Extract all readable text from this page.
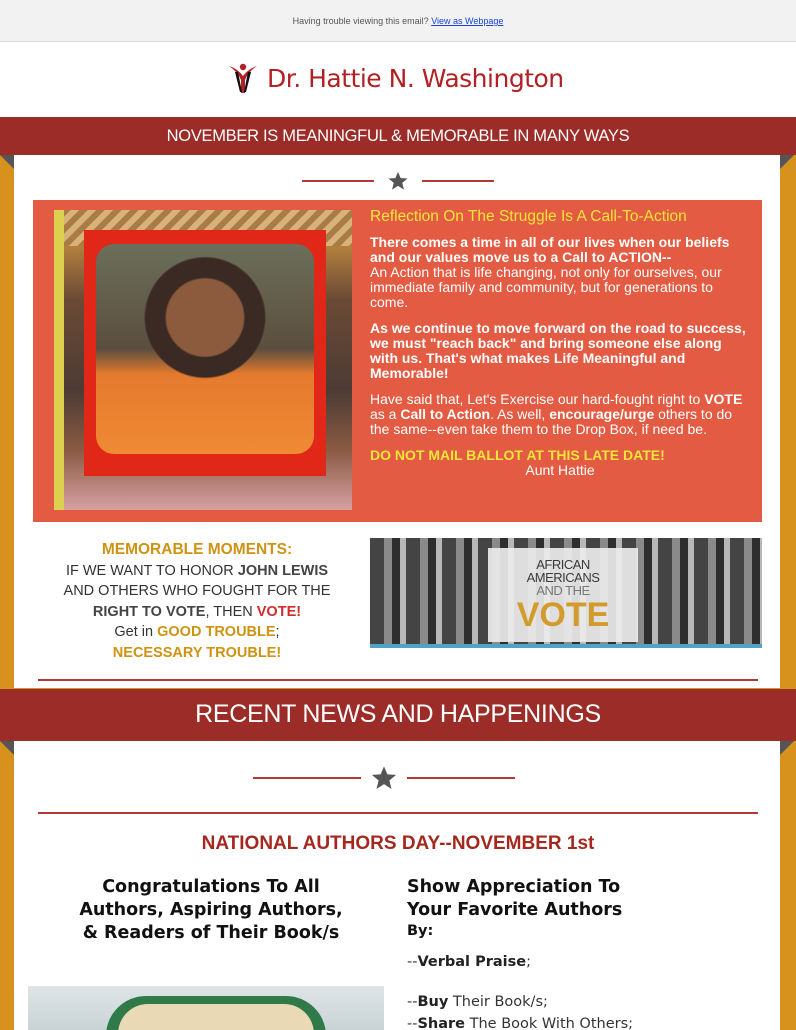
Having trouble viewing this email? View as Webpage
Dr. Hattie N. Washington
NOVEMBER IS MEANINGFUL & MEMORABLE IN MANY WAYS
Reflection On The Struggle Is A Call-To-Action
There comes a time in all of our lives when our beliefs and our values move us to a Call to ACTION--
An Action that is life changing, not only for ourselves, our immediate family and community, but for generations to come.
As we continue to move forward on the road to success, we must "reach back" and bring someone else along with us. That's what makes Life Meaningful and Memorable!
Have said that, Let's Exercise our hard-fought right to VOTE as a Call to Action. As well, encourage/urge others to do the same--even take them to the Drop Box, if need be.
DO NOT MAIL BALLOT AT THIS LATE DATE!
Aunt Hattie
MEMORABLE MOMENTS:
IF WE WANT TO HONOR JOHN LEWIS
AND OTHERS WHO FOUGHT FOR THE
RIGHT TO VOTE, THEN VOTE!
Get in GOOD TROUBLE;
NECESSARY TROUBLE!
AFRICAN
AMERICANS
AND THE
VOTE
RECENT NEWS AND HAPPENINGS
NATIONAL AUTHORS DAY--NOVEMBER 1st
Congratulations To All
Authors, Aspiring Authors,
& Readers of Their Book/s
Show Appreciation To
Your Favorite Authors
By:
--Verbal Praise;
--Buy Their Book/s;
--Share The Book With Others;
